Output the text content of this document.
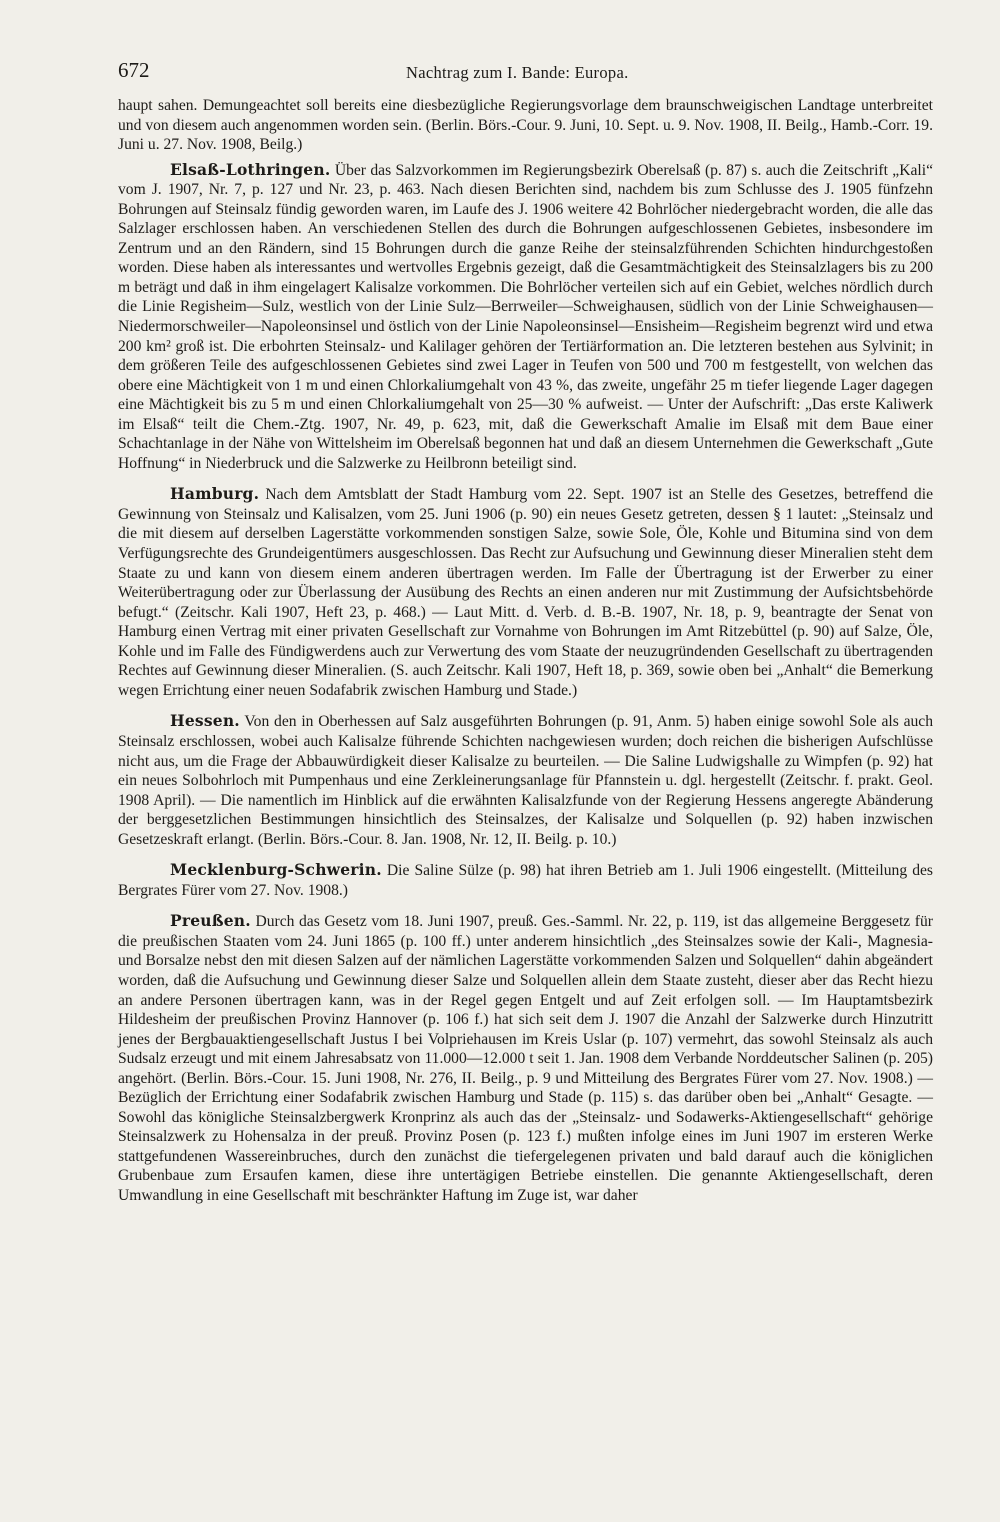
672	Nachtrag zum I. Bande: Europa.

haupt sahen. Demungeachtet soll bereits eine diesbezügliche Regierungsvorlage dem braunschweigischen Landtage unterbreitet und von diesem auch angenommen worden sein. (Berlin. Börs.-Cour. 9. Juni, 10. Sept. u. 9. Nov. 1908, II. Beilg., Hamb.-Corr. 19. Juni u. 27. Nov. 1908, Beilg.)

Elsaß-Lothringen. Über das Salzvorkommen im Regierungsbezirk Oberelsaß (p. 87) s. auch die Zeitschrift „Kali“ vom J. 1907, Nr. 7, p. 127 und Nr. 23, p. 463. Nach diesen Berichten sind, nachdem bis zum Schlusse des J. 1905 fünfzehn Bohrungen auf Steinsalz fündig geworden waren, im Laufe des J. 1906 weitere 42 Bohrlöcher niedergebracht worden, die alle das Salzlager erschlossen haben. An verschiedenen Stellen des durch die Bohrungen aufgeschlossenen Gebietes, insbesondere im Zentrum und an den Rändern, sind 15 Bohrungen durch die ganze Reihe der steinsalzführenden Schichten hindurchgestoßen worden. Diese haben als interessantes und wertvolles Ergebnis gezeigt, daß die Gesamtmächtigkeit des Steinsalzlagers bis zu 200 m beträgt und daß in ihm eingelagert Kalisalze vorkommen. Die Bohrlöcher verteilen sich auf ein Gebiet, welches nördlich durch die Linie Regisheim—Sulz, westlich von der Linie Sulz—Berrweiler—Schweighausen, südlich von der Linie Schweighausen—Niedermorschweiler—Napoleonsinsel und östlich von der Linie Napoleonsinsel—Ensisheim—Regisheim begrenzt wird und etwa 200 km² groß ist. Die erbohrten Steinsalz- und Kalilager gehören der Tertiärformation an. Die letzteren bestehen aus Sylvinit; in dem größeren Teile des aufgeschlossenen Gebietes sind zwei Lager in Teufen von 500 und 700 m festgestellt, von welchen das obere eine Mächtigkeit von 1 m und einen Chlorkaliumgehalt von 43 %, das zweite, ungefähr 25 m tiefer liegende Lager dagegen eine Mächtigkeit bis zu 5 m und einen Chlorkaliumgehalt von 25—30 % aufweist. — Unter der Aufschrift: „Das erste Kaliwerk im Elsaß“ teilt die Chem.-Ztg. 1907, Nr. 49, p. 623, mit, daß die Gewerkschaft Amalie im Elsaß mit dem Baue einer Schachtanlage in der Nähe von Wittelsheim im Oberelsaß begonnen hat und daß an diesem Unternehmen die Gewerkschaft „Gute Hoffnung“ in Niederbruck und die Salzwerke zu Heilbronn beteiligt sind.

Hamburg. Nach dem Amtsblatt der Stadt Hamburg vom 22. Sept. 1907 ist an Stelle des Gesetzes, betreffend die Gewinnung von Steinsalz und Kalisalzen, vom 25. Juni 1906 (p. 90) ein neues Gesetz getreten, dessen § 1 lautet: „Steinsalz und die mit diesem auf derselben Lagerstätte vorkommenden sonstigen Salze, sowie Sole, Öle, Kohle und Bitumina sind von dem Verfügungsrechte des Grundeigentümers ausgeschlossen. Das Recht zur Aufsuchung und Gewinnung dieser Mineralien steht dem Staate zu und kann von diesem einem anderen übertragen werden. Im Falle der Übertragung ist der Erwerber zu einer Weiterübertragung oder zur Überlassung der Ausübung des Rechts an einen anderen nur mit Zustimmung der Aufsichtsbehörde befugt.“ (Zeitschr. Kali 1907, Heft 23, p. 468.) — Laut Mitt. d. Verb. d. B.-B. 1907, Nr. 18, p. 9, beantragte der Senat von Hamburg einen Vertrag mit einer privaten Gesellschaft zur Vornahme von Bohrungen im Amt Ritzebüttel (p. 90) auf Salze, Öle, Kohle und im Falle des Fündigwerdens auch zur Verwertung des vom Staate der neuzugründenden Gesellschaft zu übertragenden Rechtes auf Gewinnung dieser Mineralien. (S. auch Zeitschr. Kali 1907, Heft 18, p. 369, sowie oben bei „Anhalt“ die Bemerkung wegen Errichtung einer neuen Sodafabrik zwischen Hamburg und Stade.)

Hessen. Von den in Oberhessen auf Salz ausgeführten Bohrungen (p. 91, Anm. 5) haben einige sowohl Sole als auch Steinsalz erschlossen, wobei auch Kalisalze führende Schichten nachgewiesen wurden; doch reichen die bisherigen Aufschlüsse nicht aus, um die Frage der Abbauwürdigkeit dieser Kalisalze zu beurteilen. — Die Saline Ludwigshalle zu Wimpfen (p. 92) hat ein neues Solbohrloch mit Pumpenhaus und eine Zerkleinerungsanlage für Pfannstein u. dgl. hergestellt (Zeitschr. f. prakt. Geol. 1908 April). — Die namentlich im Hinblick auf die erwähnten Kalisalzfunde von der Regierung Hessens angeregte Abänderung der berggesetzlichen Bestimmungen hinsichtlich des Steinsalzes, der Kalisalze und Solquellen (p. 92) haben inzwischen Gesetzeskraft erlangt. (Berlin. Börs.-Cour. 8. Jan. 1908, Nr. 12, II. Beilg. p. 10.)

Mecklenburg-Schwerin. Die Saline Sülze (p. 98) hat ihren Betrieb am 1. Juli 1906 eingestellt. (Mitteilung des Bergrates Fürer vom 27. Nov. 1908.)

Preußen. Durch das Gesetz vom 18. Juni 1907, preuß. Ges.-Samml. Nr. 22, p. 119, ist das allgemeine Berggesetz für die preußischen Staaten vom 24. Juni 1865 (p. 100 ff.) unter anderem hinsichtlich „des Steinsalzes sowie der Kali-, Magnesia- und Borsalze nebst den mit diesen Salzen auf der nämlichen Lagerstätte vorkommenden Salzen und Solquellen“ dahin abgeändert worden, daß die Aufsuchung und Gewinnung dieser Salze und Solquellen allein dem Staate zusteht, dieser aber das Recht hiezu an andere Personen übertragen kann, was in der Regel gegen Entgelt und auf Zeit erfolgen soll. — Im Hauptamtsbezirk Hildesheim der preußischen Provinz Hannover (p. 106 f.) hat sich seit dem J. 1907 die Anzahl der Salzwerke durch Hinzutritt jenes der Bergbauaktiengesellschaft Justus I bei Volpriehausen im Kreis Uslar (p. 107) vermehrt, das sowohl Steinsalz als auch Sudsalz erzeugt und mit einem Jahresabsatz von 11.000—12.000 t seit 1. Jan. 1908 dem Verbande Norddeutscher Salinen (p. 205) angehört. (Berlin. Börs.-Cour. 15. Juni 1908, Nr. 276, II. Beilg., p. 9 und Mitteilung des Bergrates Fürer vom 27. Nov. 1908.) — Bezüglich der Errichtung einer Sodafabrik zwischen Hamburg und Stade (p. 115) s. das darüber oben bei „Anhalt“ Gesagte. — Sowohl das königliche Steinsalzbergwerk Kronprinz als auch das der „Steinsalz- und Sodawerks-Aktiengesellschaft“ gehörige Steinsalzwerk zu Hohensalza in der preuß. Provinz Posen (p. 123 f.) mußten infolge eines im Juni 1907 im ersteren Werke stattgefundenen Wassereinbruches, durch den zunächst die tiefergelegenen privaten und bald darauf auch die königlichen Grubenbaue zum Ersaufen kamen, diese ihre untertägigen Betriebe einstellen. Die genannte Aktiengesellschaft, deren Umwandlung in eine Gesellschaft mit beschränkter Haftung im Zuge ist, war daher
